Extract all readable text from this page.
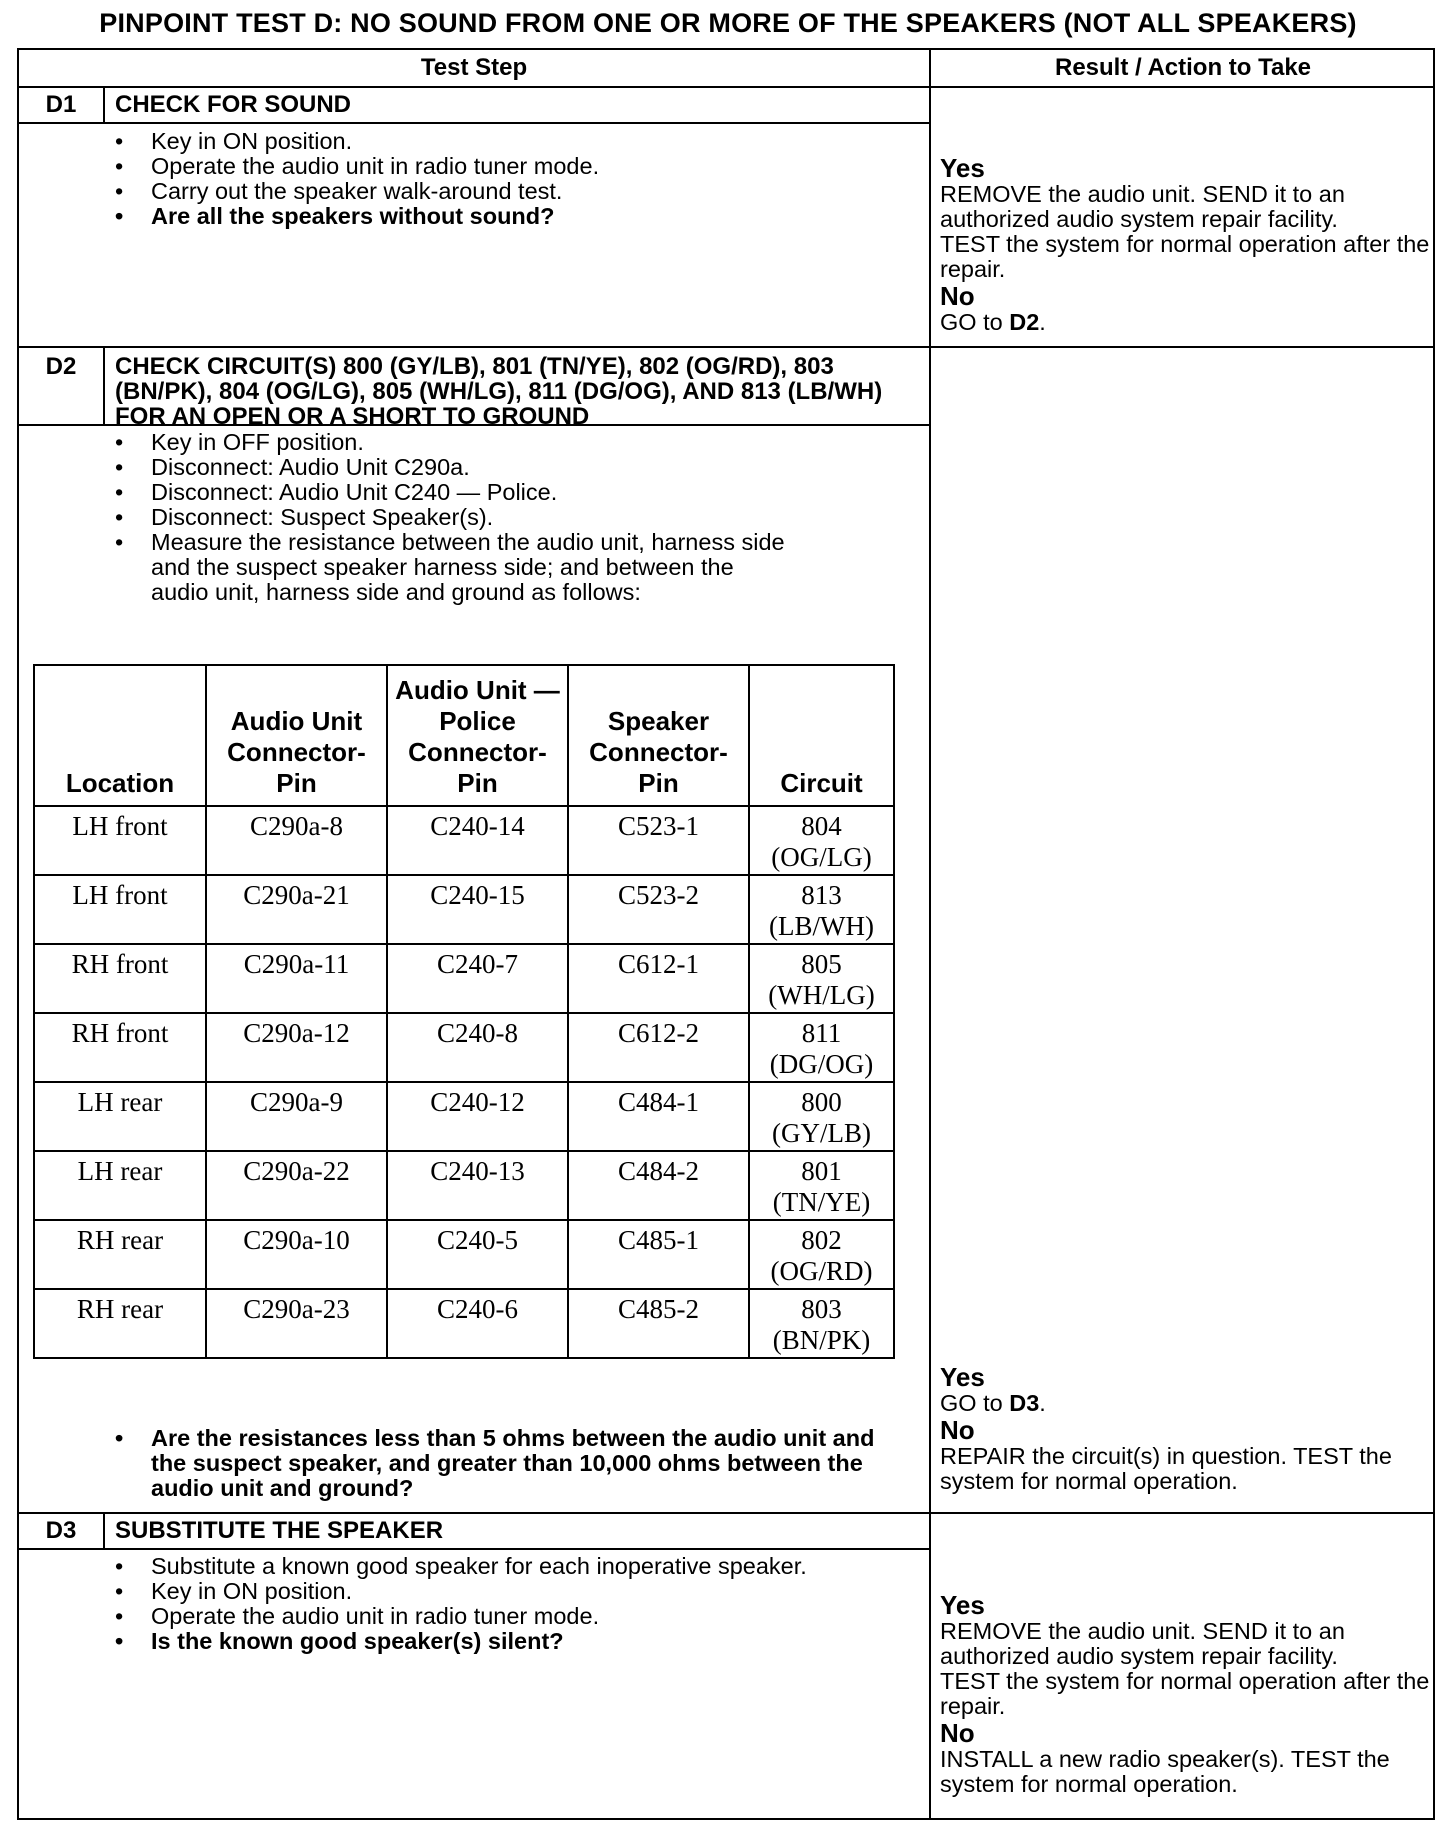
PINPOINT TEST D: NO SOUND FROM ONE OR MORE OF THE SPEAKERS (NOT ALL SPEAKERS)
Test Step	Result / Action to Take
D1	CHECK FOR SOUND
• Key in ON position.
• Operate the audio unit in radio tuner mode.
• Carry out the speaker walk-around test.
• Are all the speakers without sound?
Yes
REMOVE the audio unit. SEND it to an authorized audio system repair facility.
TEST the system for normal operation after the repair.
No
GO to D2.
D2	CHECK CIRCUIT(S) 800 (GY/LB), 801 (TN/YE), 802 (OG/RD), 803 (BN/PK), 804 (OG/LG), 805 (WH/LG), 811 (DG/OG), AND 813 (LB/WH) FOR AN OPEN OR A SHORT TO GROUND
• Key in OFF position.
• Disconnect: Audio Unit C290a.
• Disconnect: Audio Unit C240 — Police.
• Disconnect: Suspect Speaker(s).
• Measure the resistance between the audio unit, harness side and the suspect speaker harness side; and between the audio unit, harness side and ground as follows:
Location	Audio Unit Connector-Pin	Audio Unit — Police Connector-Pin	Speaker Connector-Pin	Circuit
LH front	C290a-8	C240-14	C523-1	804
(OG/LG)

LH front	C290a-21	C240-15	C523-2	813
(LB/WH)

RH front	C290a-11	C240-7	C612-1	805
(WH/LG)

RH front	C290a-12	C240-8	C612-2	811
(DG/OG)

LH rear	C290a-9	C240-12	C484-1	800
(GY/LB)

LH rear	C290a-22	C240-13	C484-2	801
(TN/YE)

RH rear	C290a-10	C240-5	C485-1	802
(OG/RD)

RH rear	C290a-23	C240-6	C485-2	803
(BN/PK)
• Are the resistances less than 5 ohms between the audio unit and the suspect speaker, and greater than 10,000 ohms between the audio unit and ground?
Yes
GO to D3.
No
REPAIR the circuit(s) in question. TEST the system for normal operation.
D3	SUBSTITUTE THE SPEAKER
• Substitute a known good speaker for each inoperative speaker.
• Key in ON position.
• Operate the audio unit in radio tuner mode.
• Is the known good speaker(s) silent?
Yes
REMOVE the audio unit. SEND it to an authorized audio system repair facility.
TEST the system for normal operation after the repair.
No
INSTALL a new radio speaker(s). TEST the system for normal operation.
